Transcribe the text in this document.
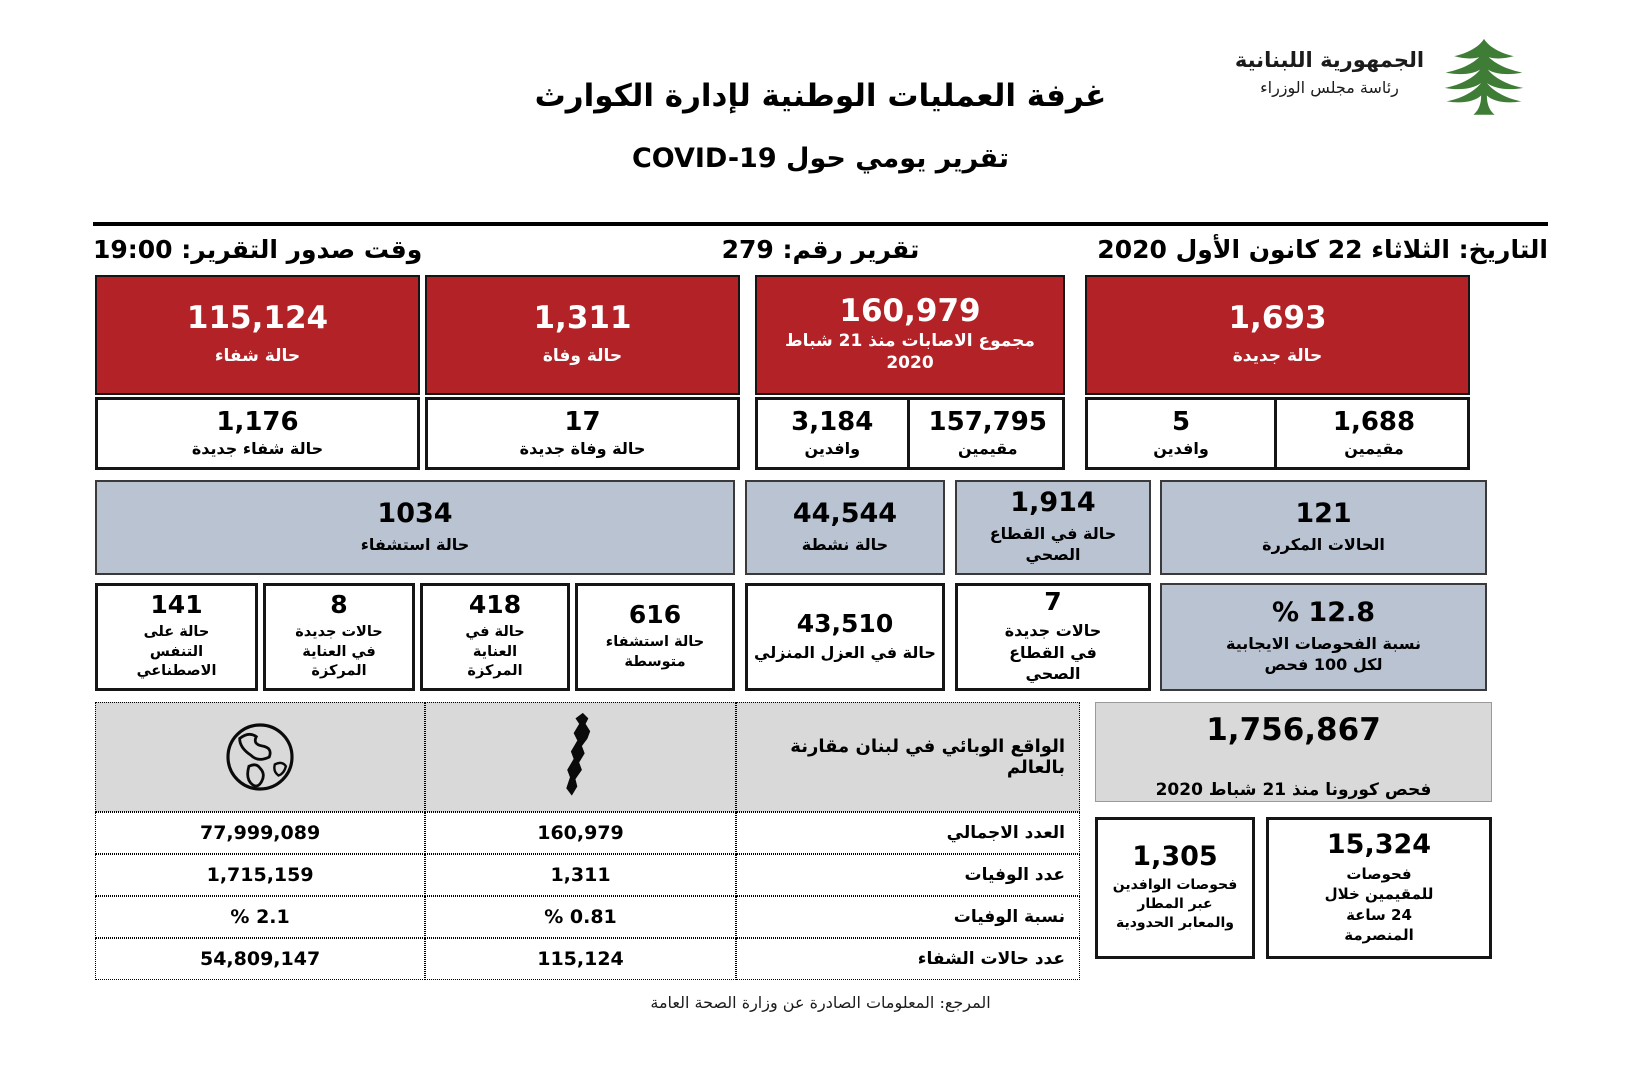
الجمهورية اللبنانية
رئاسة مجلس الوزراء
غرفة العمليات الوطنية لإدارة الكوارث
تقرير يومي حول COVID-19
التاريخ: الثلاثاء 22 كانون الأول 2020
تقرير رقم: 279
وقت صدور التقرير: 19:00
1,693
حالة جديدة
1,688
مقيمين
5
وافدين
160,979
مجموع الاصابات منذ 21 شباط 2020
157,795
مقيمين
3,184
وافدين
1,311
حالة وفاة
17
حالة وفاة جديدة
115,124
حالة شفاء
1,176
حالة شفاء جديدة
121
الحالات المكررة
1,914
حالة في القطاع الصحي
44,544
حالة نشطة
1034
حالة استشفاء
12.8 %
نسبة الفحوصات الايجابية لكل 100 فحص
7
حالات جديدة في القطاع الصحي
43,510
حالة في العزل المنزلي
616
حالة استشفاء متوسطة
418
حالة في العناية المركزة
8
حالات جديدة في العناية المركزة
141
حالة على التنفس الاصطناعي
الواقع الوبائي في لبنان مقارنة بالعالم
العدد الاجمالي
160,979
77,999,089
عدد الوفيات
1,311
1,715,159
نسبة الوفيات
0.81 %
2.1 %
عدد حالات الشفاء
115,124
54,809,147
1,756,867
فحص كورونا منذ 21 شباط 2020
15,324
فحوصات للمقيمين خلال 24 ساعة المنصرمة
1,305
فحوصات الوافدين عبر المطار والمعابر الحدودية
المرجع: المعلومات الصادرة عن وزارة الصحة العامة
